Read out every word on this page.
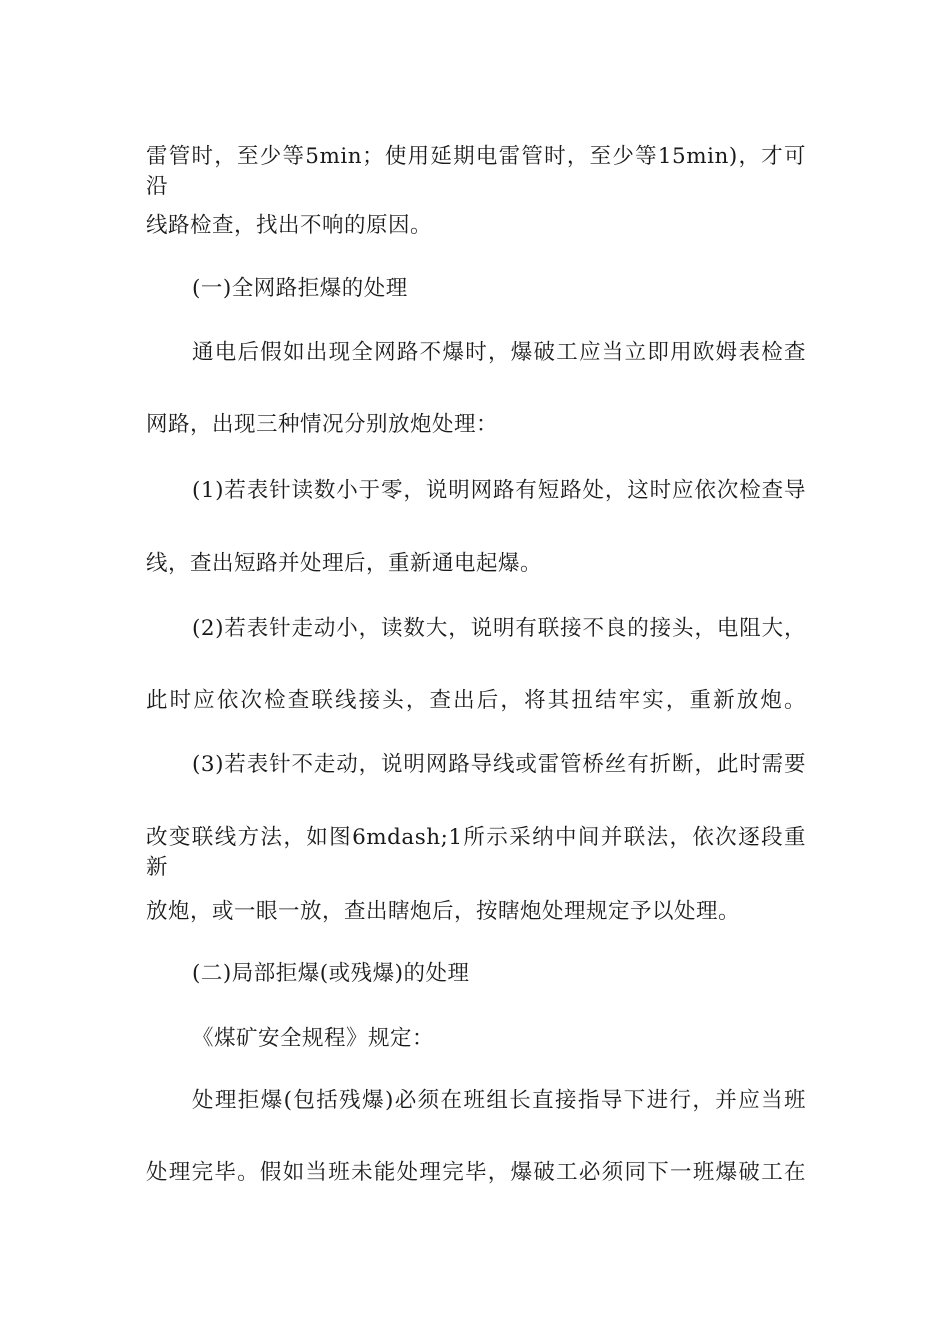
雷管时，至少等5min；使用延期电雷管时，至少等15min)，才可沿
线路检查，找出不响的原因。
(一)全网路拒爆的处理
通电后假如出现全网路不爆时，爆破工应当立即用欧姆表检查
网路，出现三种情况分别放炮处理：
(1)若表针读数小于零，说明网路有短路处，这时应依次检查导
线，查出短路并处理后，重新通电起爆。
(2)若表针走动小，读数大，说明有联接不良的接头，电阻大，
此时应依次检查联线接头，查出后，将其扭结牢实，重新放炮。
(3)若表针不走动，说明网路导线或雷管桥丝有折断，此时需要
改变联线方法，如图6mdash;1所示采纳中间并联法，依次逐段重新
放炮，或一眼一放，查出瞎炮后，按瞎炮处理规定予以处理。
(二)局部拒爆(或残爆)的处理
《煤矿安全规程》规定：
处理拒爆(包括残爆)必须在班组长直接指导下进行，并应当班
处理完毕。假如当班未能处理完毕，爆破工必须同下一班爆破工在
